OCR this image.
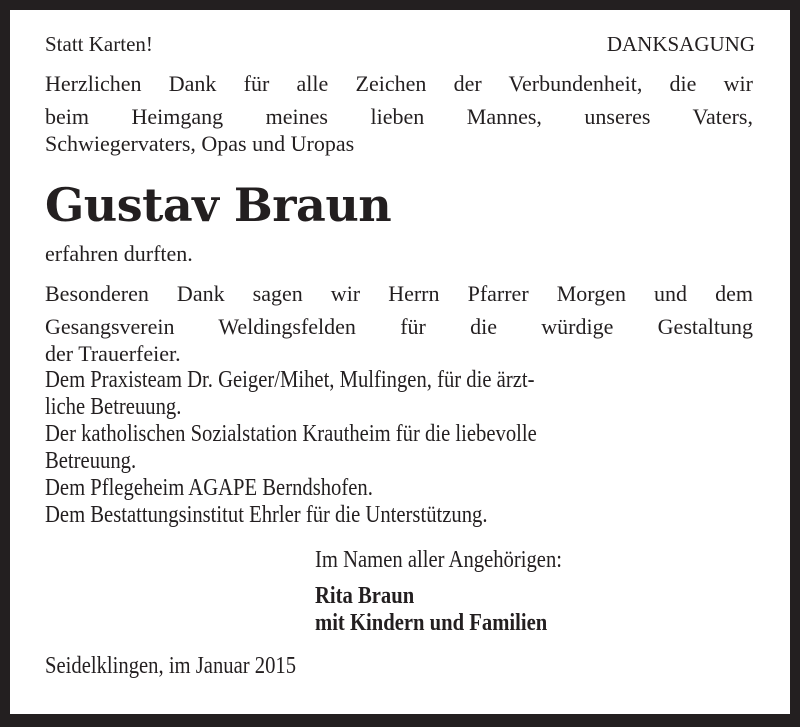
Statt Karten!	DANKSAGUNG
Herzlichen Dank für alle Zeichen der Verbundenheit, die wir
beim Heimgang meines lieben Mannes, unseres Vaters,
Schwiegervaters, Opas und Uropas
Gustav Braun
erfahren durften.
Besonderen Dank sagen wir Herrn Pfarrer Morgen und dem
Gesangsverein Weldingsfelden für die würdige Gestaltung
der Trauerfeier.
Dem Praxisteam Dr. Geiger/Mihet, Mulfingen, für die ärzt-
liche Betreuung.
Der katholischen Sozialstation Krautheim für die liebevolle
Betreuung.
Dem Pflegeheim AGAPE Berndshofen.
Dem Bestattungsinstitut Ehrler für die Unterstützung.
Im Namen aller Angehörigen:
Rita Braun
mit Kindern und Familien
Seidelklingen, im Januar 2015
